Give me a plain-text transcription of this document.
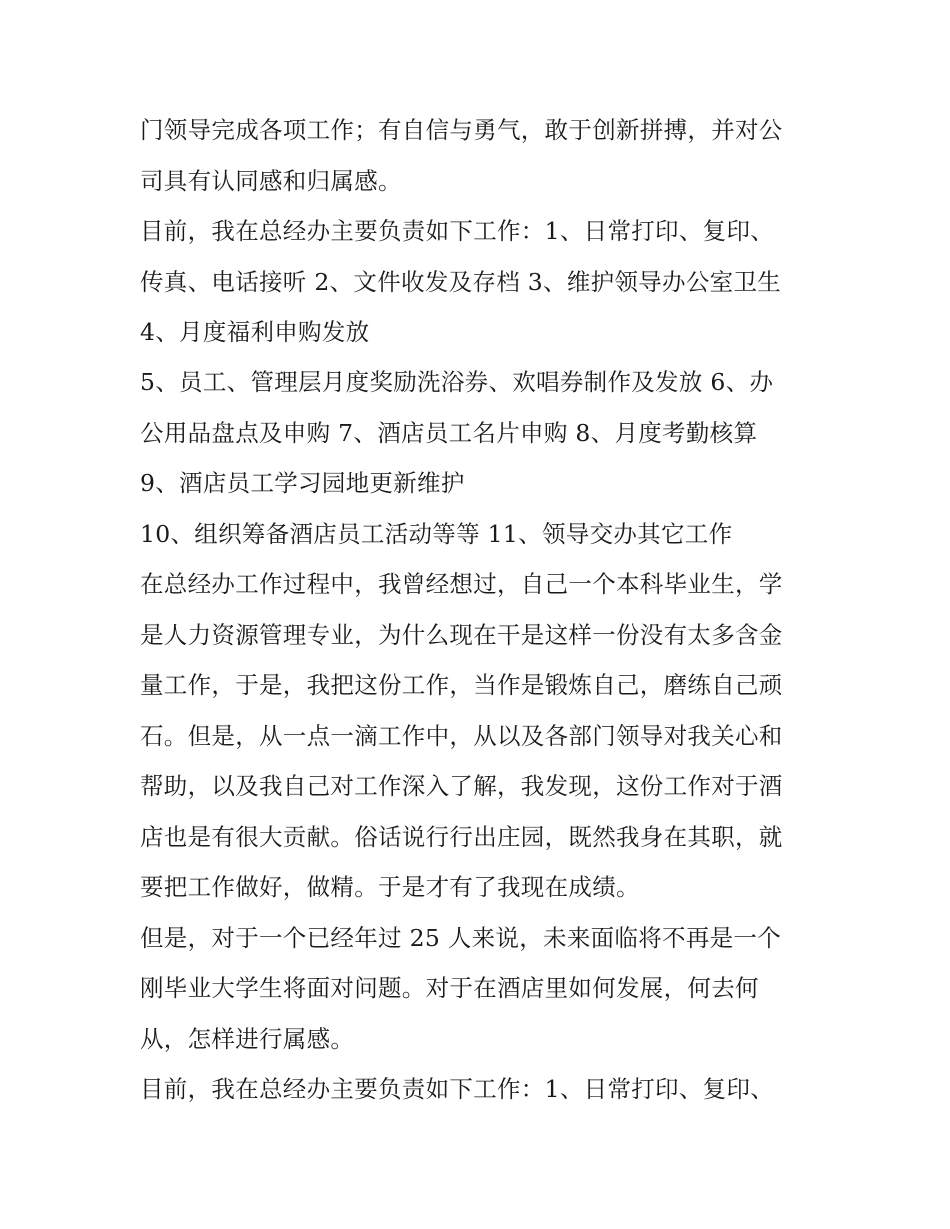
门领导完成各项工作；有自信与勇气，敢于创新拼搏，并对公
司具有认同感和归属感。
目前，我在总经办主要负责如下工作：1、日常打印、复印、
传真、电话接听 2、文件收发及存档 3、维护领导办公室卫生
4、月度福利申购发放
5、员工、管理层月度奖励洗浴券、欢唱券制作及发放 6、办
公用品盘点及申购 7、酒店员工名片申购 8、月度考勤核算
9、酒店员工学习园地更新维护
10、组织筹备酒店员工活动等等 11、领导交办其它工作
在总经办工作过程中，我曾经想过，自己一个本科毕业生，学
是人力资源管理专业，为什么现在干是这样一份没有太多含金
量工作，于是，我把这份工作，当作是锻炼自己，磨练自己顽
石。但是，从一点一滴工作中，从以及各部门领导对我关心和
帮助，以及我自己对工作深入了解，我发现，这份工作对于酒
店也是有很大贡献。俗话说行行出庄园，既然我身在其职，就
要把工作做好，做精。于是才有了我现在成绩。
但是，对于一个已经年过 25 人来说，未来面临将不再是一个
刚毕业大学生将面对问题。对于在酒店里如何发展，何去何
从，怎样进行属感。
目前，我在总经办主要负责如下工作：1、日常打印、复印、
